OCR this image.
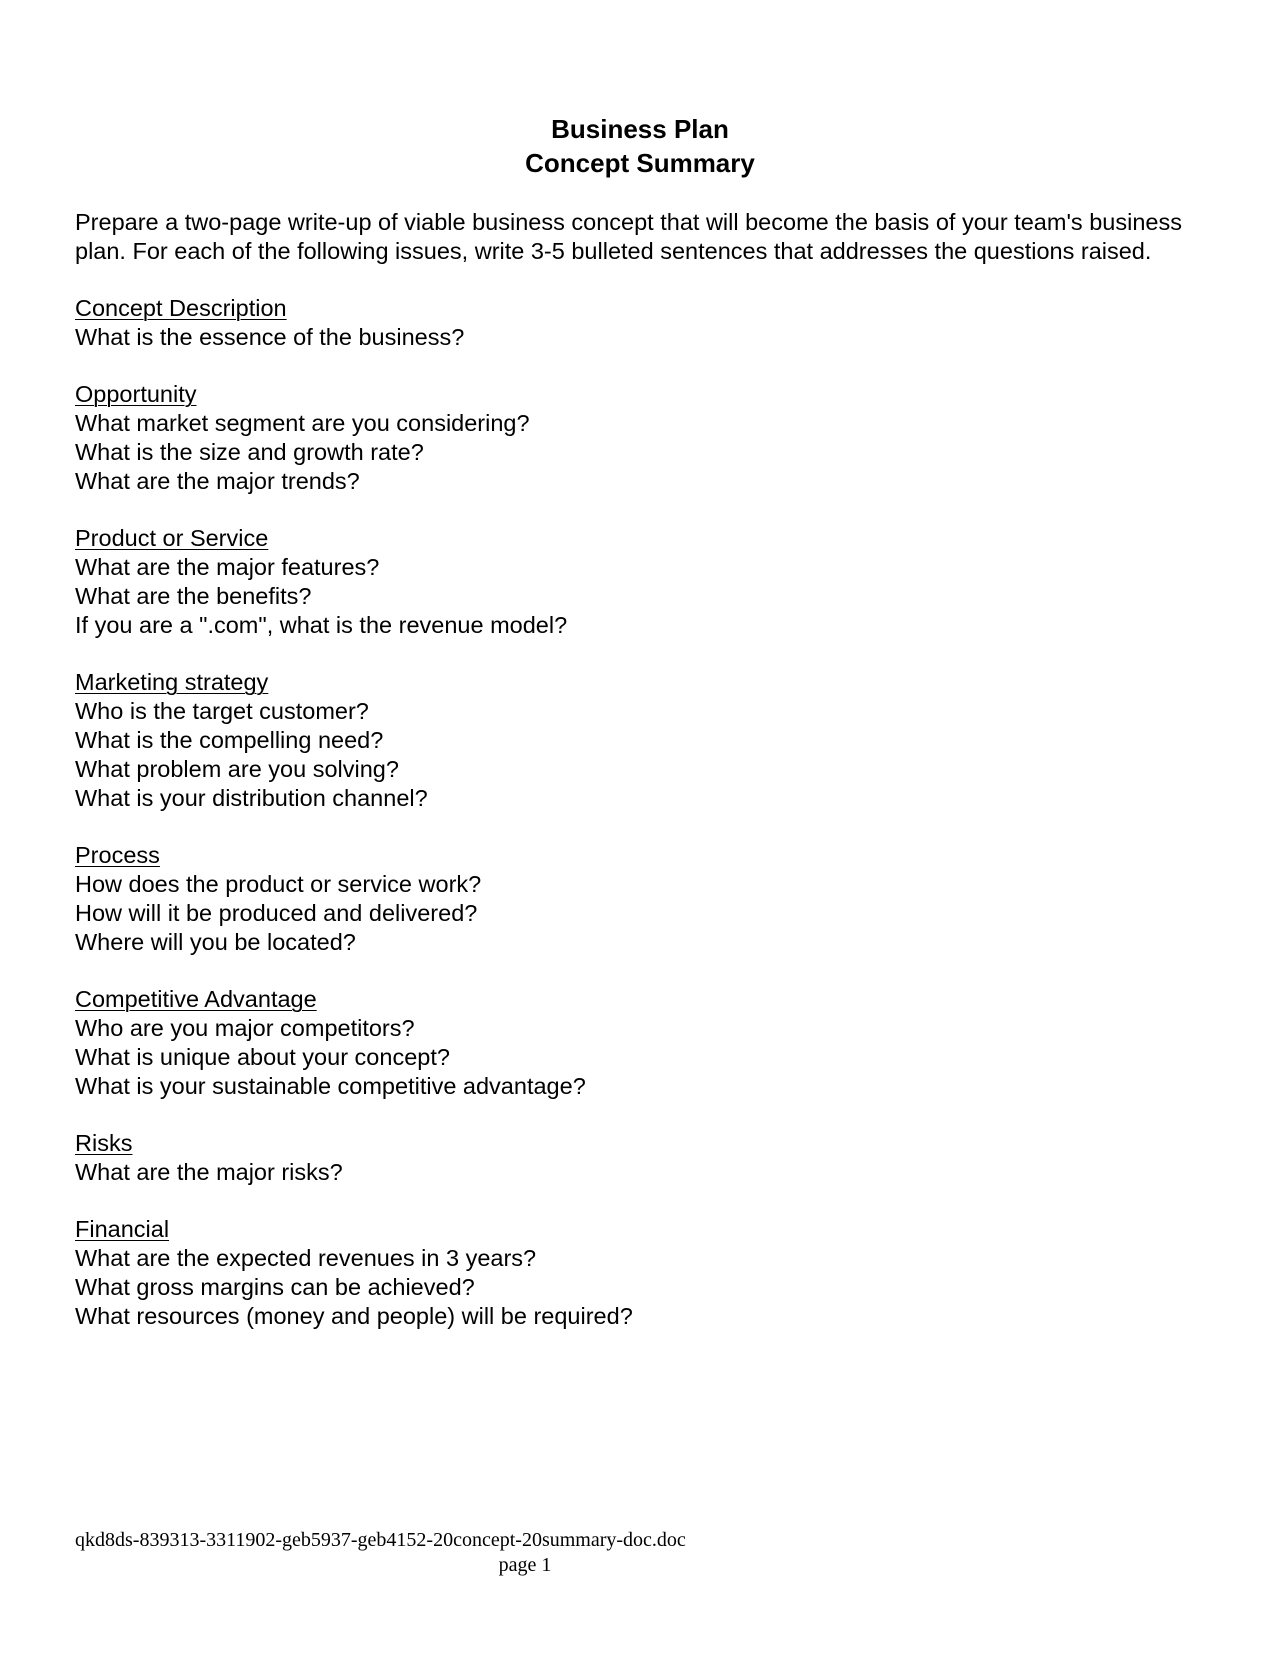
Business Plan
Concept Summary

Prepare a two-page write-up of viable business concept that will become the basis of your team's business plan. For each of the following issues, write 3-5 bulleted sentences that addresses the questions raised.

Concept Description
What is the essence of the business?
Opportunity
What market segment are you considering?
What is the size and growth rate?
What are the major trends?
Product or Service
What are the major features?
What are the benefits?
If you are a ".com", what is the revenue model?
Marketing strategy
Who is the target customer?
What is the compelling need?
What problem are you solving?
What is your distribution channel?
Process
How does the product or service work?
How will it be produced and delivered?
Where will you be located?
Competitive Advantage
Who are you major competitors?
What is unique about your concept?
What is your sustainable competitive advantage?
Risks
What are the major risks?
Financial
What are the expected revenues in 3 years?
What gross margins can be achieved?
What resources (money and people) will be required?
qkd8ds-839313-3311902-geb5937-geb4152-20concept-20summary-doc.doc
page 1
